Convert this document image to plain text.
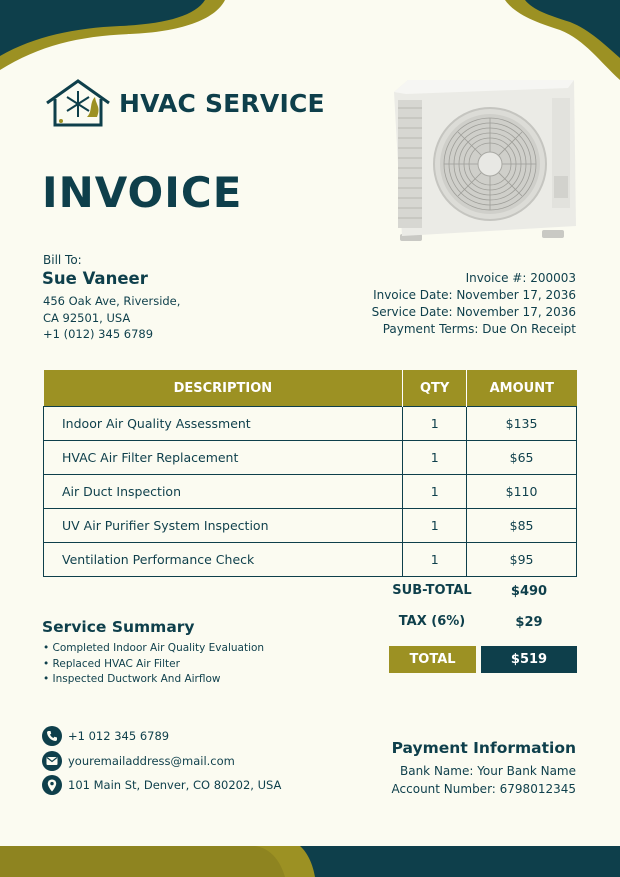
HVAC SERVICE
INVOICE
Bill To:
Sue Vaneer
456 Oak Ave, Riverside,
CA 92501, USA
+1 (012) 345 6789
Invoice #: 200003
Invoice Date: November 17, 2036
Service Date: November 17, 2036
Payment Terms: Due On Receipt
DESCRIPTION	QTY	AMOUNT
Indoor Air Quality Assessment	1	$135
HVAC Air Filter Replacement	1	$65
Air Duct Inspection	1	$110
UV Air Purifier System Inspection	1	$85
Ventilation Performance Check	1	$95
SUB-TOTAL	$490
TAX (6%)	$29
TOTAL	$519
Service Summary
• Completed Indoor Air Quality Evaluation
• Replaced HVAC Air Filter
• Inspected Ductwork And Airflow
+1 012 345 6789
youremailaddress@mail.com
101 Main St, Denver, CO 80202, USA
Payment Information
Bank Name: Your Bank Name
Account Number: 6798012345
